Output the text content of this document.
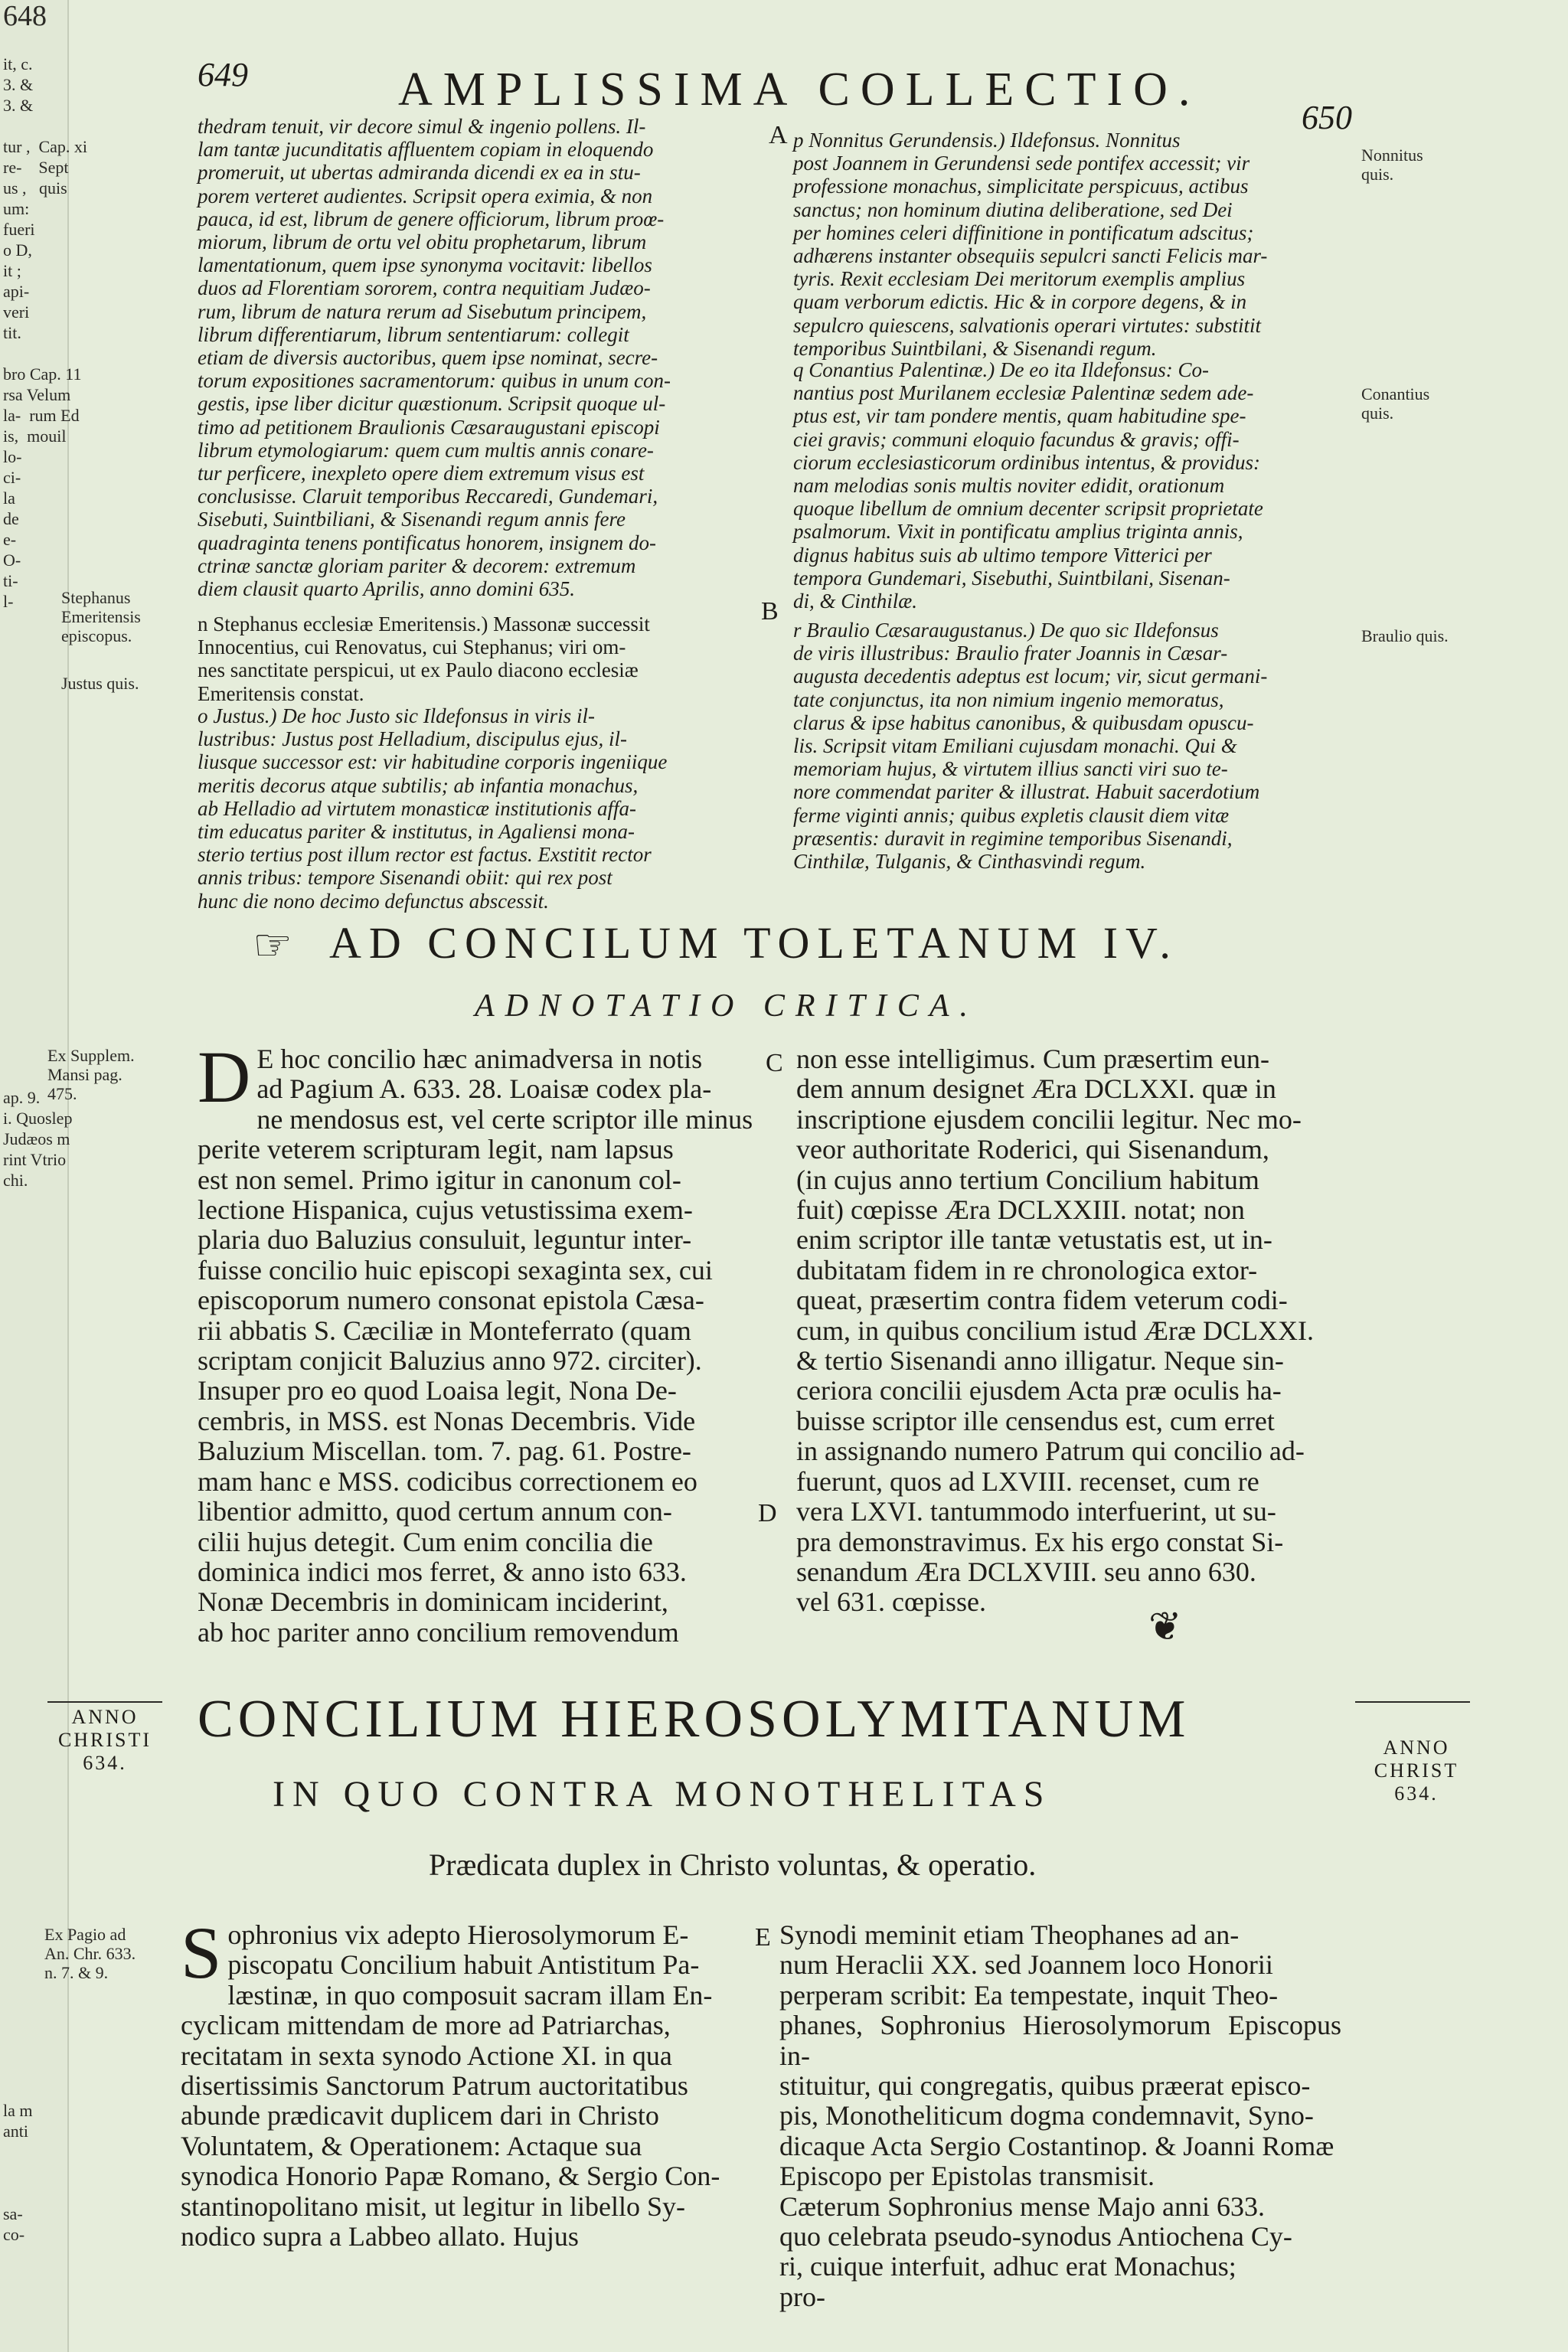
648
it, c.
3. &
3. &

tur ,  Cap. xi
re-    Sept
us ,   quis
um:
fueri
o D,
it ;
api-
veri
tit.

bro Cap. 11
rsa Velum
la-  rum Ed
is,  mouil
lo-
ci-
la
de
e-
O-
ti-
l-

ap. 9.
i. Quoslep
Judæos m
rint Vtrio
chi.

la m
anti

sa-
co-
649	AMPLISSIMA COLLECTIO.
650
thedram tenuit, vir decore simul & ingenio pollens. Il-
lam tantæ jucunditatis affluentem copiam in eloquendo
promeruit, ut ubertas admiranda dicendi ex ea in stu-
porem verteret audientes. Scripsit opera eximia, & non
pauca, id est, librum de genere officiorum, librum proœ-
miorum, librum de ortu vel obitu prophetarum, librum
lamentationum, quem ipse synonyma vocitavit: libellos
duos ad Florentiam sororem, contra nequitiam Judæo-
rum, librum de natura rerum ad Sisebutum principem,
librum differentiarum, librum sententiarum: collegit
etiam de diversis auctoribus, quem ipse nominat, secre-
torum expositiones sacramentorum: quibus in unum con-
gestis, ipse liber dicitur quæstionum. Scripsit quoque ul-
timo ad petitionem Braulionis Cæsaraugustani episcopi
librum etymologiarum: quem cum multis annis conare-
tur perficere, inexpleto opere diem extremum visus est
conclusisse. Claruit temporibus Reccaredi, Gundemari,
Sisebuti, Suintbiliani, & Sisenandi regum annis fere
quadraginta tenens pontificatus honorem, insignem do-
ctrinæ sanctæ gloriam pariter & decorem: extremum
diem clausit quarto Aprilis, anno domini 635.
n Stephanus ecclesiæ Emeritensis.) Massonæ successit
Innocentius, cui Renovatus, cui Stephanus; viri om-
nes sanctitate perspicui, ut ex Paulo diacono ecclesiæ
Emeritensis constat.
o Justus.) De hoc Justo sic Ildefonsus in viris il-
lustribus: Justus post Helladium, discipulus ejus, il-
liusque successor est: vir habitudine corporis ingeniique
meritis decorus atque subtilis; ab infantia monachus,
ab Helladio ad virtutem monasticæ institutionis affa-
tim educatus pariter & institutus, in Agaliensi mona-
sterio tertius post illum rector est factus. Exstitit rector
annis tribus: tempore Sisenandi obiit: qui rex post
hunc die nono decimo defunctus abscessit.
p Nonnitus Gerundensis.) Ildefonsus. Nonnitus
post Joannem in Gerundensi sede pontifex accessit; vir
professione monachus, simplicitate perspicuus, actibus
sanctus; non hominum diutina deliberatione, sed Dei
per homines celeri diffinitione in pontificatum adscitus;
adhærens instanter obsequiis sepulcri sancti Felicis mar-
tyris. Rexit ecclesiam Dei meritorum exemplis amplius
quam verborum edictis. Hic & in corpore degens, & in
sepulcro quiescens, salvationis operari virtutes: substitit
temporibus Suintbilani, & Sisenandi regum.
q Conantius Palentinæ.) De eo ita Ildefonsus: Co-
nantius post Murilanem ecclesiæ Palentinæ sedem ade-
ptus est, vir tam pondere mentis, quam habitudine spe-
ciei gravis; communi eloquio facundus & gravis; offi-
ciorum ecclesiasticorum ordinibus intentus, & providus:
nam melodias sonis multis noviter edidit, orationum
quoque libellum de omnium decenter scripsit proprietate
psalmorum. Vixit in pontificatu amplius triginta annis,
dignus habitus suis ab ultimo tempore Vitterici per
tempora Gundemari, Sisebuthi, Suintbilani, Sisenan-
di, & Cinthilæ.
r Braulio Cæsaraugustanus.) De quo sic Ildefonsus
de viris illustribus: Braulio frater Joannis in Cæsar-
augusta decedentis adeptus est locum; vir, sicut germani-
tate conjunctus, ita non nimium ingenio memoratus,
clarus & ipse habitus canonibus, & quibusdam opuscu-
lis. Scripsit vitam Emiliani cujusdam monachi. Qui &
memoriam hujus, & virtutem illius sancti viri suo te-
nore commendat pariter & illustrat. Habuit sacerdotium
ferme viginti annis; quibus expletis clausit diem vitæ
præsentis: duravit in regimine temporibus Sisenandi,
Cinthilæ, Tulganis, & Cinthasvindi regum.
A
B
Stephanus
Emeritensis
episcopus.
Justus quis.
Nonnitus
quis.
Conantius
quis.
Braulio quis.
☞ AD CONCILUM TOLETANUM IV.
ADNOTATIO CRITICA.
Ex Supplem.
Mansi pag.
475.	D E hoc concilio hæc animadversa in notis
ad Pagium A. 633. 28. Loaisæ codex pla-
ne mendosus est, vel certe scriptor ille minus
perite veterem scripturam legit, nam lapsus
est non semel. Primo igitur in canonum col-
lectione Hispanica, cujus vetustissima exem-
plaria duo Baluzius consuluit, leguntur inter-
fuisse concilio huic episcopi sexaginta sex, cui
episcoporum numero consonat epistola Cæsa-
rii abbatis S. Cæciliæ in Monteferrato (quam
scriptam conjicit Baluzius anno 972. circiter).
Insuper pro eo quod Loaisa legit, Nona De-
cembris, in MSS. est Nonas Decembris. Vide
Baluzium Miscellan. tom. 7. pag. 61. Postre-
mam hanc e MSS. codicibus correctionem eo
libentior admitto, quod certum annum con-
cilii hujus detegit. Cum enim concilia die
dominica indici mos ferret, & anno isto 633.
Nonæ Decembris in dominicam inciderint,
ab hoc pariter anno concilium removendum
non esse intelligimus. Cum præsertim eun-
dem annum designet Æra DCLXXI. quæ in
inscriptione ejusdem concilii legitur. Nec mo-
veor authoritate Roderici, qui Sisenandum,
(in cujus anno tertium Concilium habitum
fuit) cœpisse Æra DCLXXIII. notat; non
enim scriptor ille tantæ vetustatis est, ut in-
dubitatam fidem in re chronologica extor-
queat, præsertim contra fidem veterum codi-
cum, in quibus concilium istud Æræ DCLXXI.
& tertio Sisenandi anno illigatur. Neque sin-
ceriora concilii ejusdem Acta præ oculis ha-
buisse scriptor ille censendus est, cum erret
in assignando numero Patrum qui concilio ad-
fuerunt, quos ad LXVIII. recenset, cum re
vera LXVI. tantummodo interfuerint, ut su-
pra demonstravimus. Ex his ergo constat Si-
senandum Æra DCLXVIII. seu anno 630.
vel 631. cœpisse.
C
D
❦
ANNO
CHRISTI
634.
ANNO
CHRIST
634.
CONCILIUM HIEROSOLYMITANUM
IN QUO CONTRA MONOTHELITAS
Prædicata duplex in Christo voluntas, & operatio.
Ex Pagio ad
An. Chr. 633.
n. 7. & 9. S ophronius vix adepto Hierosolymorum E-
piscopatu Concilium habuit Antistitum Pa-
læstinæ, in quo composuit sacram illam En-
cyclicam mittendam de more ad Patriarchas,
recitatam in sexta synodo Actione XI. in qua
disertissimis Sanctorum Patrum auctoritatibus
abunde prædicavit duplicem dari in Christo
Voluntatem, & Operationem: Actaque sua
synodica Honorio Papæ Romano, & Sergio Con-
stantinopolitano misit, ut legitur in libello Sy-
nodico supra a Labbeo allato. Hujus
Synodi meminit etiam Theophanes ad an-
num Heraclii XX. sed Joannem loco Honorii
perperam scribit: Ea tempestate, inquit Theo-
phanes, Sophronius Hierosolymorum Episcopus in-
stituitur, qui congregatis, quibus præerat episco-
pis, Monotheliticum dogma condemnavit, Syno-
dicaque Acta Sergio Costantinop. & Joanni Romæ
Episcopo per Epistolas transmisit.
Cæterum Sophronius mense Majo anni 633.
quo celebrata pseudo-synodus Antiochena Cy-
ri, cuique interfuit, adhuc erat Monachus;
pro-
E
